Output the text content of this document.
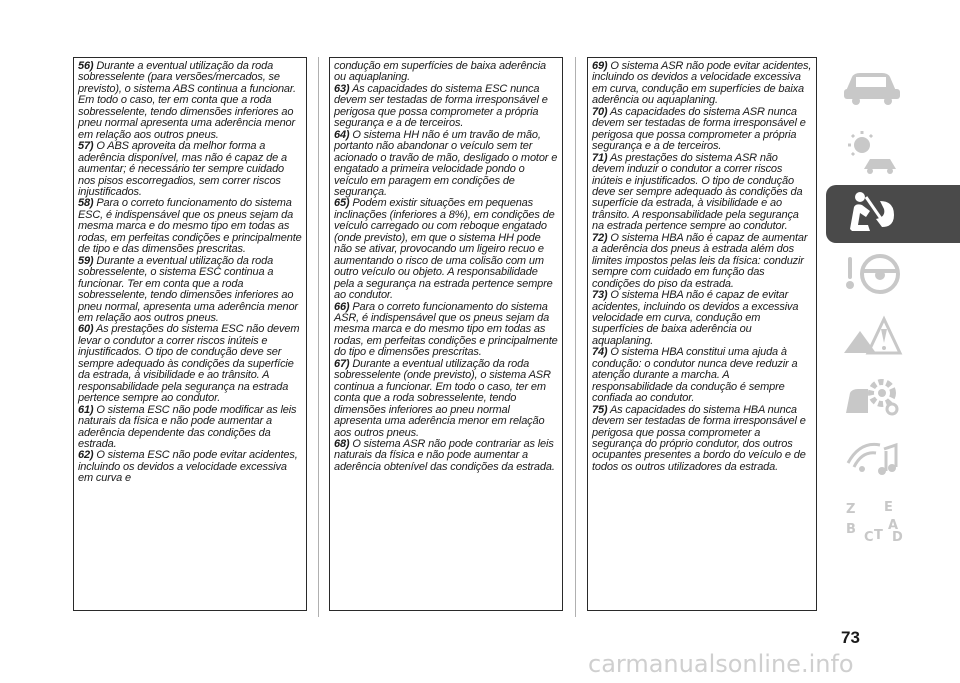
56) Durante a eventual utilização da roda sobresselente (para versões/mercados, se previsto), o sistema ABS continua a funcionar. Em todo o caso, ter em conta que a roda sobresselente, tendo dimensões inferiores ao pneu normal apresenta uma aderência menor em relação aos outros pneus.

57) O ABS aproveita da melhor forma a aderência disponível, mas não é capaz de a aumentar; é necessário ter sempre cuidado nos pisos escorregadios, sem correr riscos injustificados.

58) Para o correto funcionamento do sistema ESC, é indispensável que os pneus sejam da mesma marca e do mesmo tipo em todas as rodas, em perfeitas condições e principalmente de tipo e das dimensões prescritas.

59) Durante a eventual utilização da roda sobresselente, o sistema ESC continua a funcionar. Ter em conta que a roda sobresselente, tendo dimensões inferiores ao pneu normal, apresenta uma aderência menor em relação aos outros pneus.

60) As prestações do sistema ESC não devem levar o condutor a correr riscos inúteis e injustificados. O tipo de condução deve ser sempre adequado às condições da superfície da estrada, à visibilidade e ao trânsito. A responsabilidade pela segurança na estrada pertence sempre ao condutor.

61) O sistema ESC não pode modificar as leis naturais da física e não pode aumentar a aderência dependente das condições da estrada.

62) O sistema ESC não pode evitar acidentes, incluindo os devidos a velocidade excessiva em curva e

condução em superfícies de baixa aderência ou aquaplaning.

63) As capacidades do sistema ESC nunca devem ser testadas de forma irresponsável e perigosa que possa comprometer a própria segurança e a de terceiros.

64) O sistema HH não é um travão de mão, portanto não abandonar o veículo sem ter acionado o travão de mão, desligado o motor e engatado a primeira velocidade pondo o veículo em paragem em condições de segurança.

65) Podem existir situações em pequenas inclinações (inferiores a 8%), em condições de veículo carregado ou com reboque engatado (onde previsto), em que o sistema HH pode não se ativar, provocando um ligeiro recuo e aumentando o risco de uma colisão com um outro veículo ou objeto. A responsabilidade pela a segurança na estrada pertence sempre ao condutor.

66) Para o correto funcionamento do sistema ASR, é indispensável que os pneus sejam da mesma marca e do mesmo tipo em todas as rodas, em perfeitas condições e principalmente do tipo e dimensões prescritas.

67) Durante a eventual utilização da roda sobresselente (onde previsto), o sistema ASR continua a funcionar. Em todo o caso, ter em conta que a roda sobresselente, tendo dimensões inferiores ao pneu normal apresenta uma aderência menor em relação aos outros pneus.

68) O sistema ASR não pode contrariar as leis naturais da física e não pode aumentar a aderência obtenível das condições da estrada.

69) O sistema ASR não pode evitar acidentes, incluindo os devidos a velocidade excessiva em curva, condução em superfícies de baixa aderência ou aquaplaning.

70) As capacidades do sistema ASR nunca devem ser testadas de forma irresponsável e perigosa que possa comprometer a própria segurança e a de terceiros.

71) As prestações do sistema ASR não devem induzir o condutor a correr riscos inúteis e injustificados. O tipo de condução deve ser sempre adequado às condições da superfície da estrada, à visibilidade e ao trânsito. A responsabilidade pela segurança na estrada pertence sempre ao condutor.

72) O sistema HBA não é capaz de aumentar a aderência dos pneus à estrada além dos limites impostos pelas leis da física: conduzir sempre com cuidado em função das condições do piso da estrada.

73) O sistema HBA não é capaz de evitar acidentes, incluindo os devidos a excessiva velocidade em curva, condução em superfícies de baixa aderência ou aquaplaning.

74) O sistema HBA constitui uma ajuda à condução: o condutor nunca deve reduzir a atenção durante a marcha. A responsabilidade da condução é sempre confiada ao condutor.

75) As capacidades do sistema HBA nunca devem ser testadas de forma irresponsável e perigosa que possa comprometer a segurança do próprio condutor, dos outros ocupantes presentes a bordo do veículo e de todos os outros utilizadores da estrada.

Z E
B A
C T D
73
carmanualsonline.info
